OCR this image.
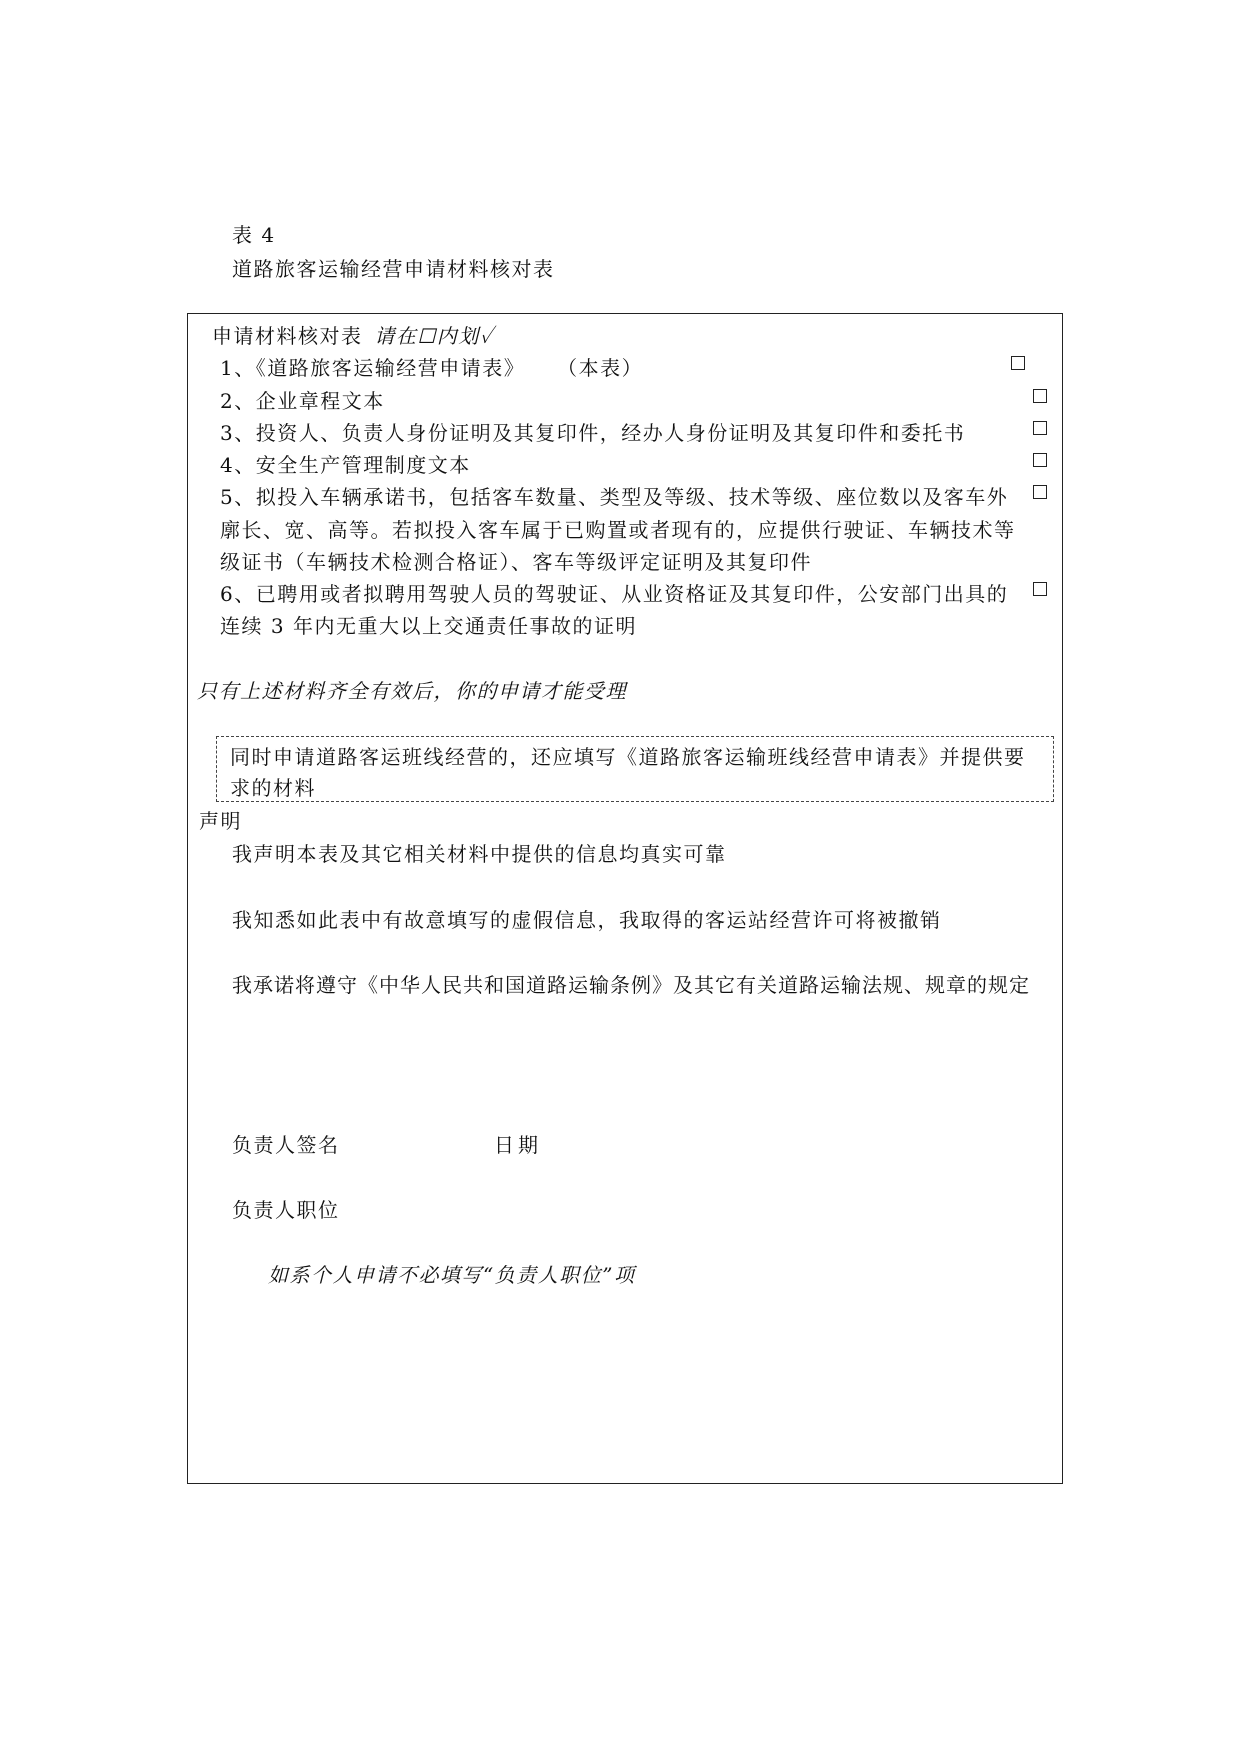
表 4
道路旅客运输经营申请材料核对表
申请材料核对表 请在☐内划✓
1、《道路旅客运输经营申请表》 （本表）
2、企业章程文本
3、投资人、负责人身份证明及其复印件，经办人身份证明及其复印件和委托书
4、安全生产管理制度文本
5、拟投入车辆承诺书，包括客车数量、类型及等级、技术等级、座位数以及客车外
廓长、宽、高等。若拟投入客车属于已购置或者现有的，应提供行驶证、车辆技术等
级证书（车辆技术检测合格证）、客车等级评定证明及其复印件
6、已聘用或者拟聘用驾驶人员的驾驶证、从业资格证及其复印件，公安部门出具的
连续 3 年内无重大以上交通责任事故的证明
只有上述材料齐全有效后，你的申请才能受理
同时申请道路客运班线经营的，还应填写《道路旅客运输班线经营申请表》并提供要
求的材料
声明
我声明本表及其它相关材料中提供的信息均真实可靠
我知悉如此表中有故意填写的虚假信息，我取得的客运站经营许可将被撤销
我承诺将遵守《中华人民共和国道路运输条例》及其它有关道路运输法规、规章的规定
负责人签名	日期
负责人职位
如系个人申请不必填写“负责人职位”项
